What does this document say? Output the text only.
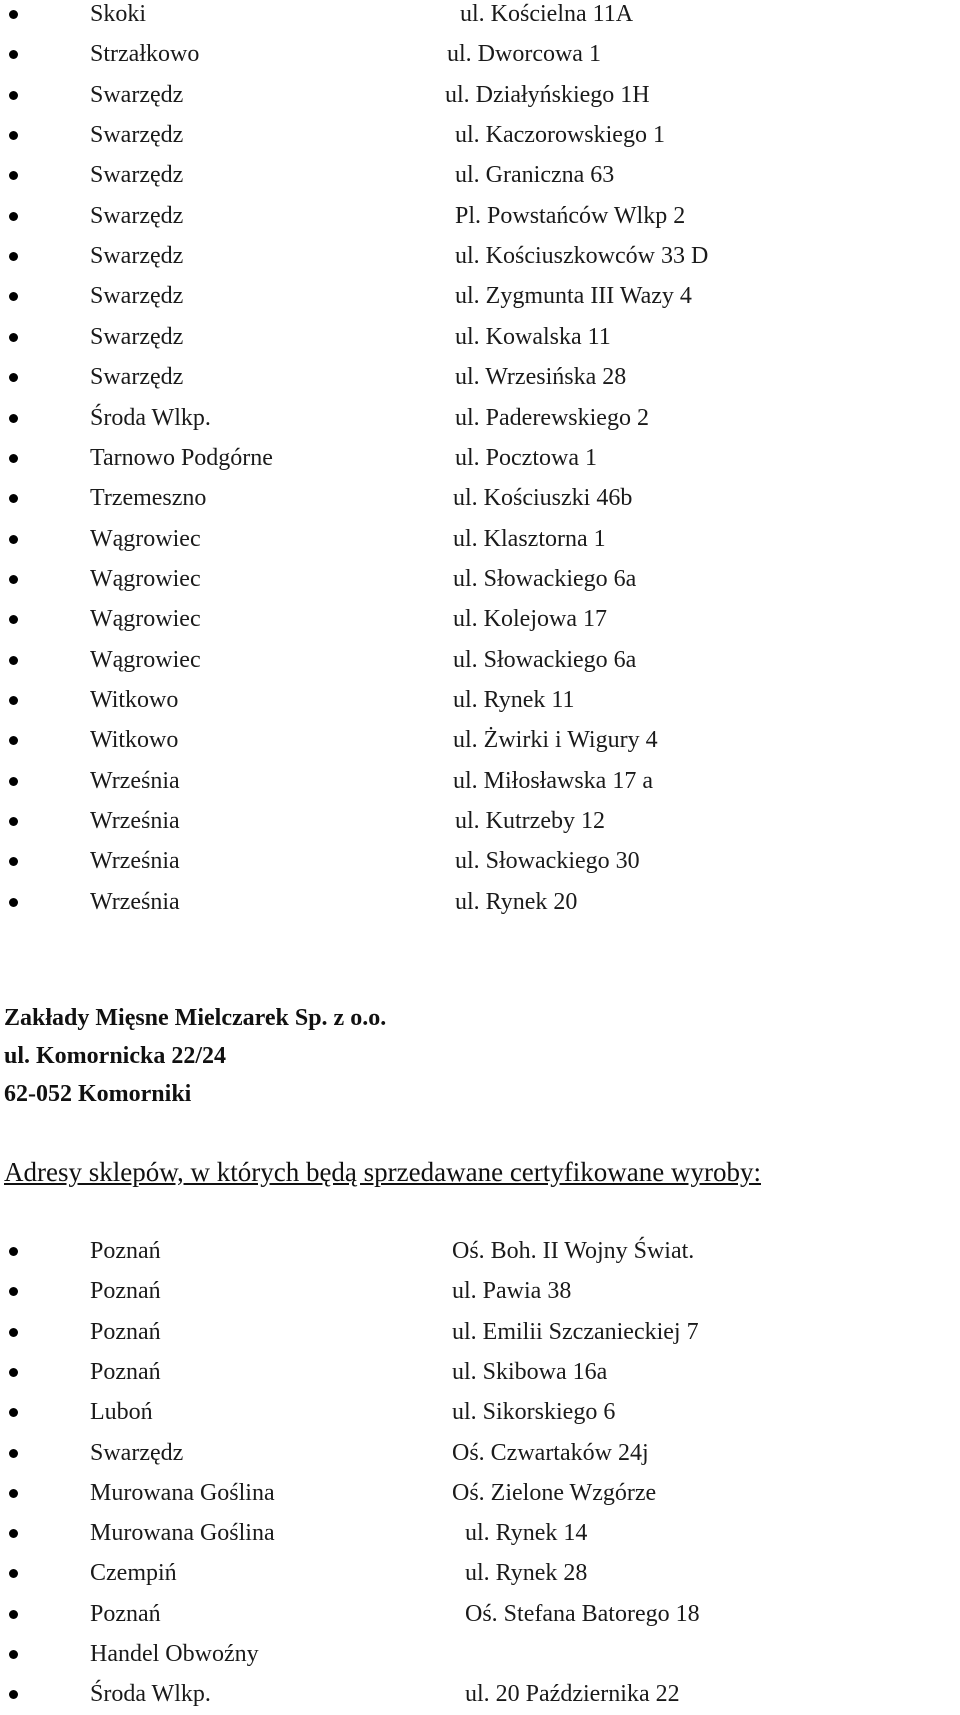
Skoki	ul. Kościelna 11A
Strzałkowo	ul. Dworcowa 1
Swarzędz	ul. Działyńskiego 1H
Swarzędz	ul. Kaczorowskiego 1
Swarzędz	ul. Graniczna 63
Swarzędz	Pl. Powstańców Wlkp 2
Swarzędz	ul. Kościuszkowców 33 D
Swarzędz	ul. Zygmunta III Wazy 4
Swarzędz	ul. Kowalska 11
Swarzędz	ul. Wrzesińska 28
Środa Wlkp.	ul. Paderewskiego 2
Tarnowo Podgórne	ul. Pocztowa 1
Trzemeszno	ul. Kościuszki 46b
Wągrowiec	ul. Klasztorna 1
Wągrowiec	ul. Słowackiego 6a
Wągrowiec	ul. Kolejowa 17
Wągrowiec	ul. Słowackiego 6a
Witkowo	ul. Rynek 11
Witkowo	ul. Żwirki i Wigury 4
Września	ul. Miłosławska 17 a
Września	ul. Kutrzeby 12
Września	ul. Słowackiego 30
Września	ul. Rynek 20
Zakłady Mięsne Mielczarek Sp. z o.o.
ul. Komornicka 22/24
62-052 Komorniki
Adresy sklepów, w których będą sprzedawane certyfikowane wyroby:
Poznań	Oś. Boh. II Wojny Świat.
Poznań	ul. Pawia 38
Poznań	ul. Emilii Szczanieckiej 7
Poznań	ul. Skibowa 16a
Luboń	ul. Sikorskiego 6
Swarzędz	Oś. Czwartaków 24j
Murowana Goślina	Oś. Zielone Wzgórze
Murowana Goślina	ul. Rynek 14
Czempiń	ul. Rynek 28
Poznań	Oś. Stefana Batorego 18
Handel Obwoźny
Środa Wlkp.	ul. 20 Października 22
